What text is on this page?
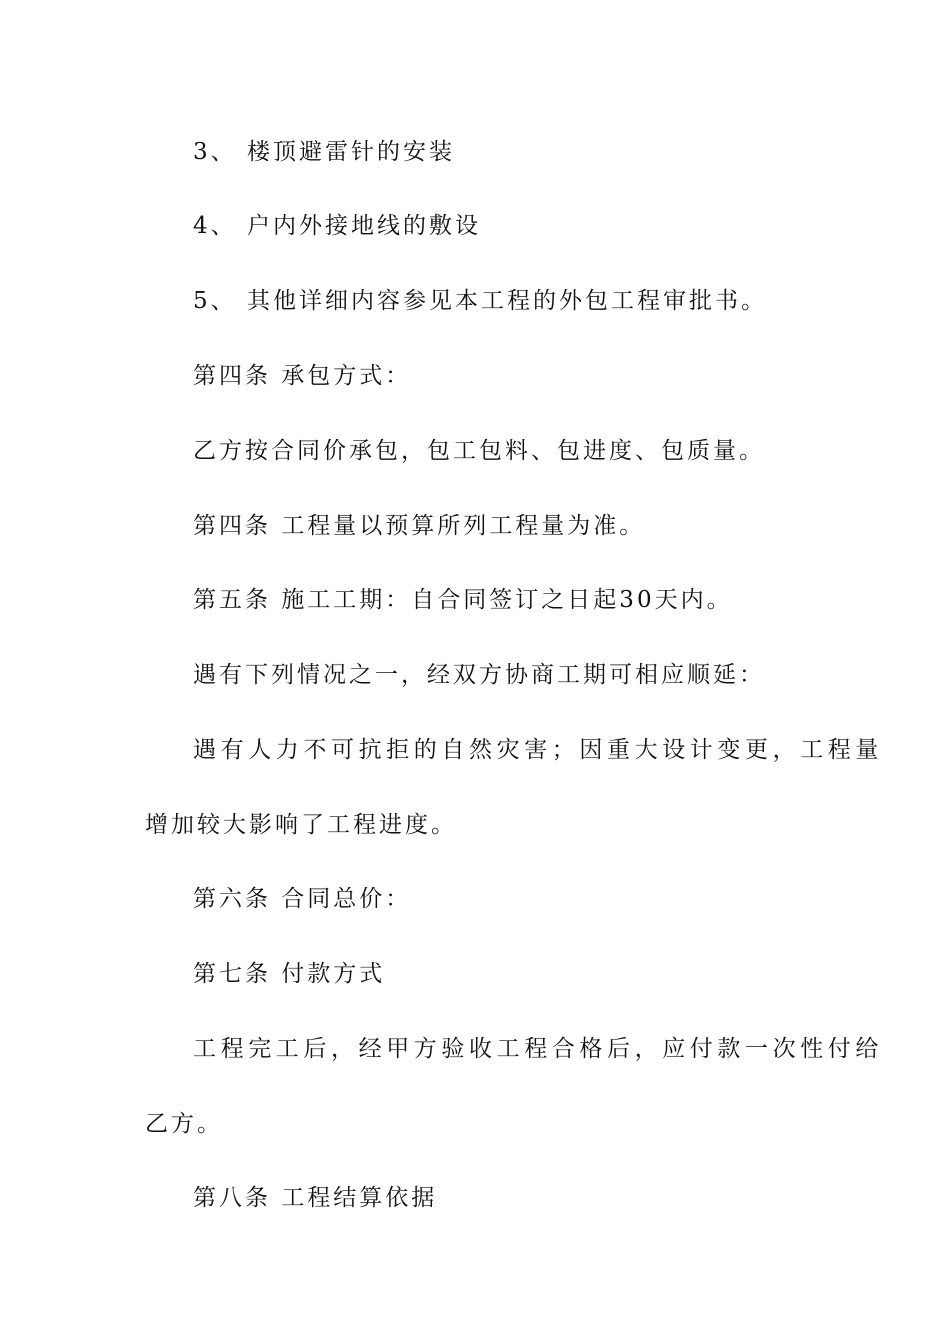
3、 楼顶避雷针的安装
4、 户内外接地线的敷设
5、 其他详细内容参见本工程的外包工程审批书。
第四条 承包方式：
乙方按合同价承包，包工包料、包进度、包质量。
第四条 工程量以预算所列工程量为准。
第五条 施工工期：自合同签订之日起30天内。
遇有下列情况之一，经双方协商工期可相应顺延：
遇有人力不可抗拒的自然灾害；因重大设计变更，工程量
增加较大影响了工程进度。
第六条 合同总价：
第七条 付款方式
工程完工后，经甲方验收工程合格后，应付款一次性付给
乙方。
第八条 工程结算依据
